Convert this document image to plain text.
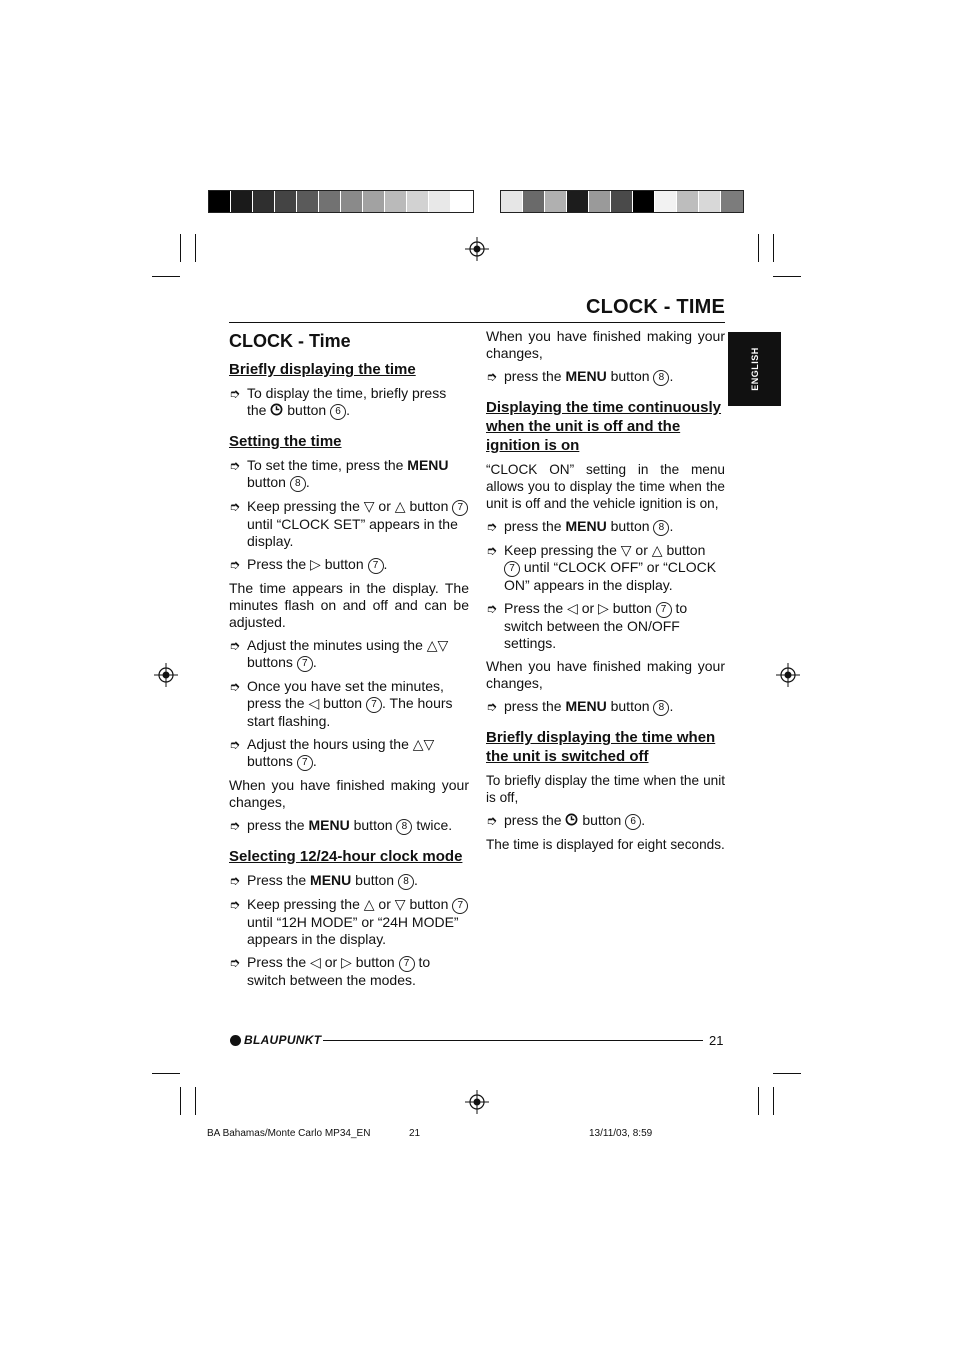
CLOCK - TIME
ENGLISH
CLOCK - Time
Briefly displaying the time
➮ To display the time, briefly press the button 6 .
Setting the time
➮ To set the time, press the MENU button 8 .
➮ Keep pressing the ▽ or △ button 7 until “CLOCK SET” appears in the display.
➮ Press the ▷ button 7 .
The time appears in the display. The minutes flash on and off and can be adjusted.
➮ Adjust the minutes using the △▽ buttons 7 .
➮ Once you have set the minutes, press the ◁ button 7 . The hours start flashing.
➮ Adjust the hours using the △▽ buttons 7 .
When you have finished making your changes,
➮ press the MENU button 8 twice.
Selecting 12/24-hour clock mode
➮ Press the MENU button 8 .
➮ Keep pressing the △ or ▽ button 7 until “12H MODE” or “24H MODE” appears in the display.
➮ Press the ◁ or ▷ button 7 to switch between the modes.
When you have finished making your changes,
➮ press the MENU button 8 .
Displaying the time continuously when the unit is off and the ignition is on
“CLOCK ON” setting in the menu allows you to display the time when the unit is off and the vehicle ignition is on,
➮ press the MENU button 8 .
➮ Keep pressing the ▽ or △ button 7 until “CLOCK OFF” or “CLOCK ON” appears in the display.
➮ Press the ◁ or ▷ button 7 to switch between the ON/OFF settings.
When you have finished making your changes,
➮ press the MENU button 8 .
Briefly displaying the time when the unit is switched off
To briefly display the time when the unit is off,
➮ press the button 6 .
The time is displayed for eight seconds.
BLAUPUNKT	21
BA Bahamas/Monte Carlo MP34_EN	21	13/11/03, 8:59
